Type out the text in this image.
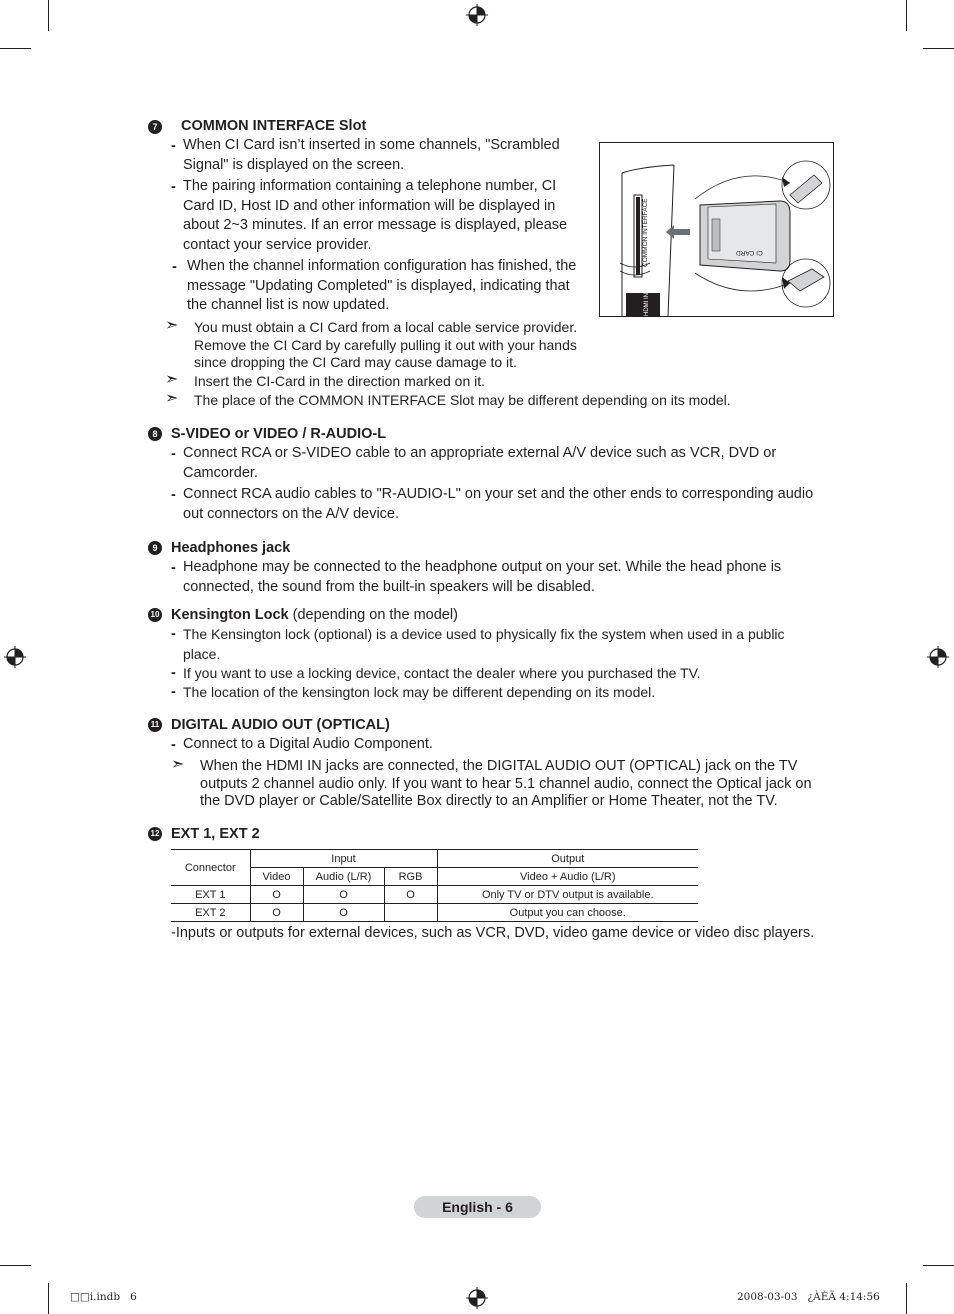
7	COMMON INTERFACE Slot
- When CI Card isn’t inserted in some channels, "Scrambled Signal" is displayed on the screen.
- The pairing information containing a telephone number, CI Card ID, Host ID and other information will be displayed in about 2~3 minutes. If an error message is displayed, please contact your service provider.
- When the channel information configuration has finished, the message "Updating Completed" is displayed, indicating that the channel list is now updated.
➣ You must obtain a CI Card from a local cable service provider. Remove the CI Card by carefully pulling it out with your hands since dropping the CI Card may cause damage to it.
➣ Insert the CI-Card in the direction marked on it.
➣ The place of the COMMON INTERFACE Slot may be different depending on its model.
COMMON INTERFACE	CI CARD
HDMI IN
8 S-VIDEO or VIDEO / R-AUDIO-L
- Connect RCA or S-VIDEO cable to an appropriate external A/V device such as VCR, DVD or Camcorder.
- Connect RCA audio cables to "R-AUDIO-L" on your set and the other ends to corresponding audio out connectors on the A/V device.
9 Headphones jack
- Headphone may be connected to the headphone output on your set. While the head phone is connected, the sound from the built-in speakers will be disabled.
10 Kensington Lock (depending on the model)
- The Kensington lock (optional) is a device used to physically fix the system when used in a public place.
- If you want to use a locking device, contact the dealer where you purchased the TV.
- The location of the kensington lock may be different depending on its model.
11 DIGITAL AUDIO OUT (OPTICAL)
- Connect to a Digital Audio Component.
➣ When the HDMI IN jacks are connected, the DIGITAL AUDIO OUT (OPTICAL) jack on the TV outputs 2 channel audio only. If you want to hear 5.1 channel audio, connect the Optical jack on the DVD player or Cable/Satellite Box directly to an Amplifier or Home Theater, not the TV.
12 EXT 1, EXT 2
Connector	Input			Output
	Video	Audio (L/R)	RGB	Video + Audio (L/R)
EXT 1	O	O	O	Only TV or DTV output is available.
EXT 2	O	O		Output you can choose.
-Inputs or outputs for external devices, such as VCR, DVD, video game device or video disc players.
English - 6
□□i.indb   6	2008-03-03   ¿ÀÈÄ 4:14:56
